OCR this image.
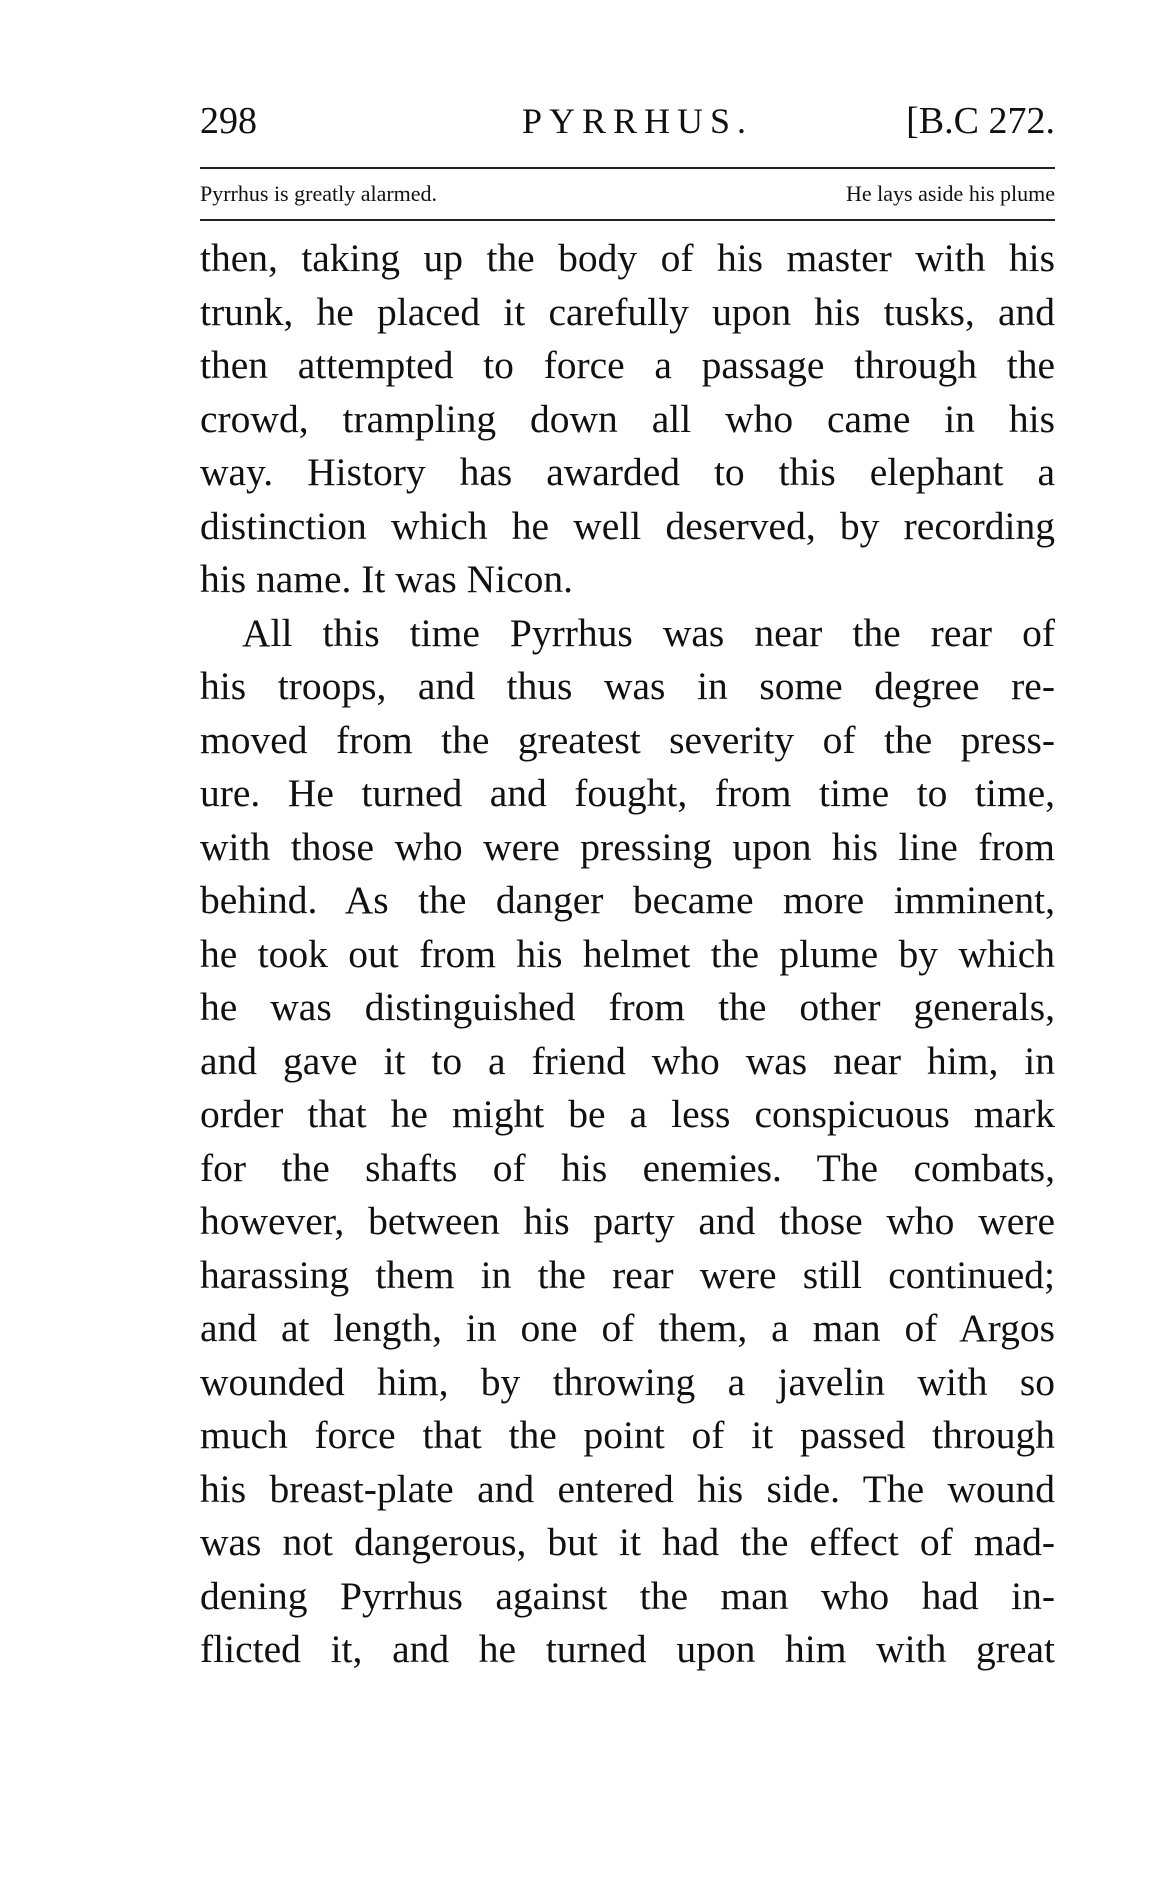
298	PYRRHUS.	[B.C 272.
Pyrrhus is greatly alarmed.	He lays aside his plume
then, taking up the body of his master with his
trunk, he placed it carefully upon his tusks, and
then attempted to force a passage through the
crowd, trampling down all who came in his
way. History has awarded to this elephant a
distinction which he well deserved, by recording
his name. It was Nicon.
All this time Pyrrhus was near the rear of
his troops, and thus was in some degree re-
moved from the greatest severity of the press-
ure. He turned and fought, from time to time,
with those who were pressing upon his line from
behind. As the danger became more imminent,
he took out from his helmet the plume by which
he was distinguished from the other generals,
and gave it to a friend who was near him, in
order that he might be a less conspicuous mark
for the shafts of his enemies. The combats,
however, between his party and those who were
harassing them in the rear were still continued;
and at length, in one of them, a man of Argos
wounded him, by throwing a javelin with so
much force that the point of it passed through
his breast-plate and entered his side. The wound
was not dangerous, but it had the effect of mad-
dening Pyrrhus against the man who had in-
flicted it, and he turned upon him with great
